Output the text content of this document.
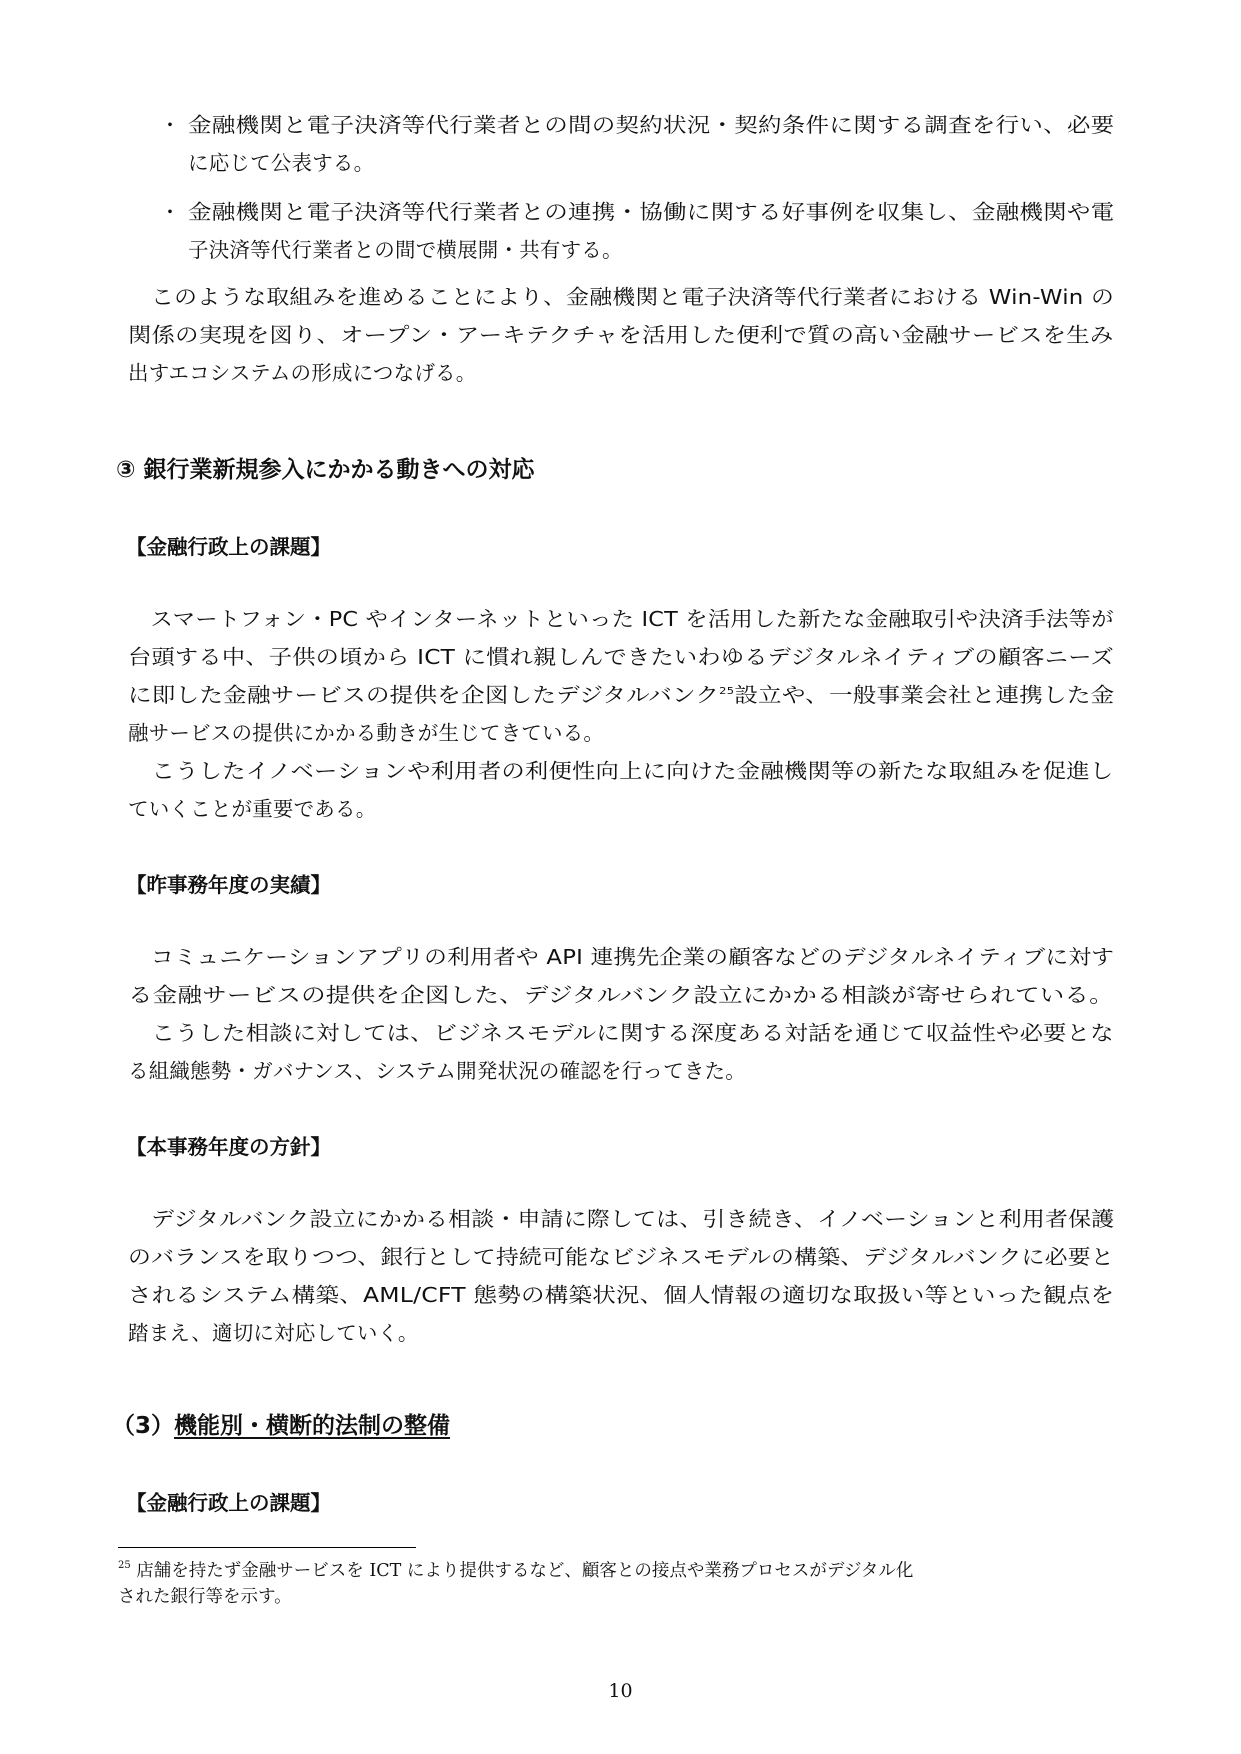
・ 金融機関と電子決済等代行業者との間の契約状況・契約条件に関する調査を行い、必要
に応じて公表する。
・ 金融機関と電子決済等代行業者との連携・協働に関する好事例を収集し、金融機関や電
子決済等代行業者との間で横展開・共有する。
　このような取組みを進めることにより、金融機関と電子決済等代行業者における Win-Win の
関係の実現を図り、オープン・アーキテクチャを活用した便利で質の高い金融サービスを生み
出すエコシステムの形成につなげる。
③ 銀行業新規参入にかかる動きへの対応
【金融行政上の課題】
　スマートフォン・PC やインターネットといった ICT を活用した新たな金融取引や決済手法等が
台頭する中、子供の頃から ICT に慣れ親しんできたいわゆるデジタルネイティブの顧客ニーズ
に即した金融サービスの提供を企図したデジタルバンク$^{25}$設立や、一般事業会社と連携した金
融サービスの提供にかかる動きが生じてきている。
　こうしたイノベーションや利用者の利便性向上に向けた金融機関等の新たな取組みを促進し
ていくことが重要である。
【昨事務年度の実績】
　コミュニケーションアプリの利用者や API 連携先企業の顧客などのデジタルネイティブに対す
る金融サービスの提供を企図した、デジタルバンク設立にかかる相談が寄せられている。
　こうした相談に対しては、ビジネスモデルに関する深度ある対話を通じて収益性や必要とな
る組織態勢・ガバナンス、システム開発状況の確認を行ってきた。
【本事務年度の方針】
　デジタルバンク設立にかかる相談・申請に際しては、引き続き、イノベーションと利用者保護
のバランスを取りつつ、銀行として持続可能なビジネスモデルの構築、デジタルバンクに必要と
されるシステム構築、AML/CFT 態勢の構築状況、個人情報の適切な取扱い等といった観点を
踏まえ、適切に対応していく。
（3）機能別・横断的法制の整備
【金融行政上の課題】
$^{25}$ 店舗を持たず金融サービスを ICT により提供するなど、顧客との接点や業務プロセスがデジタル化
された銀行等を示す。
10
